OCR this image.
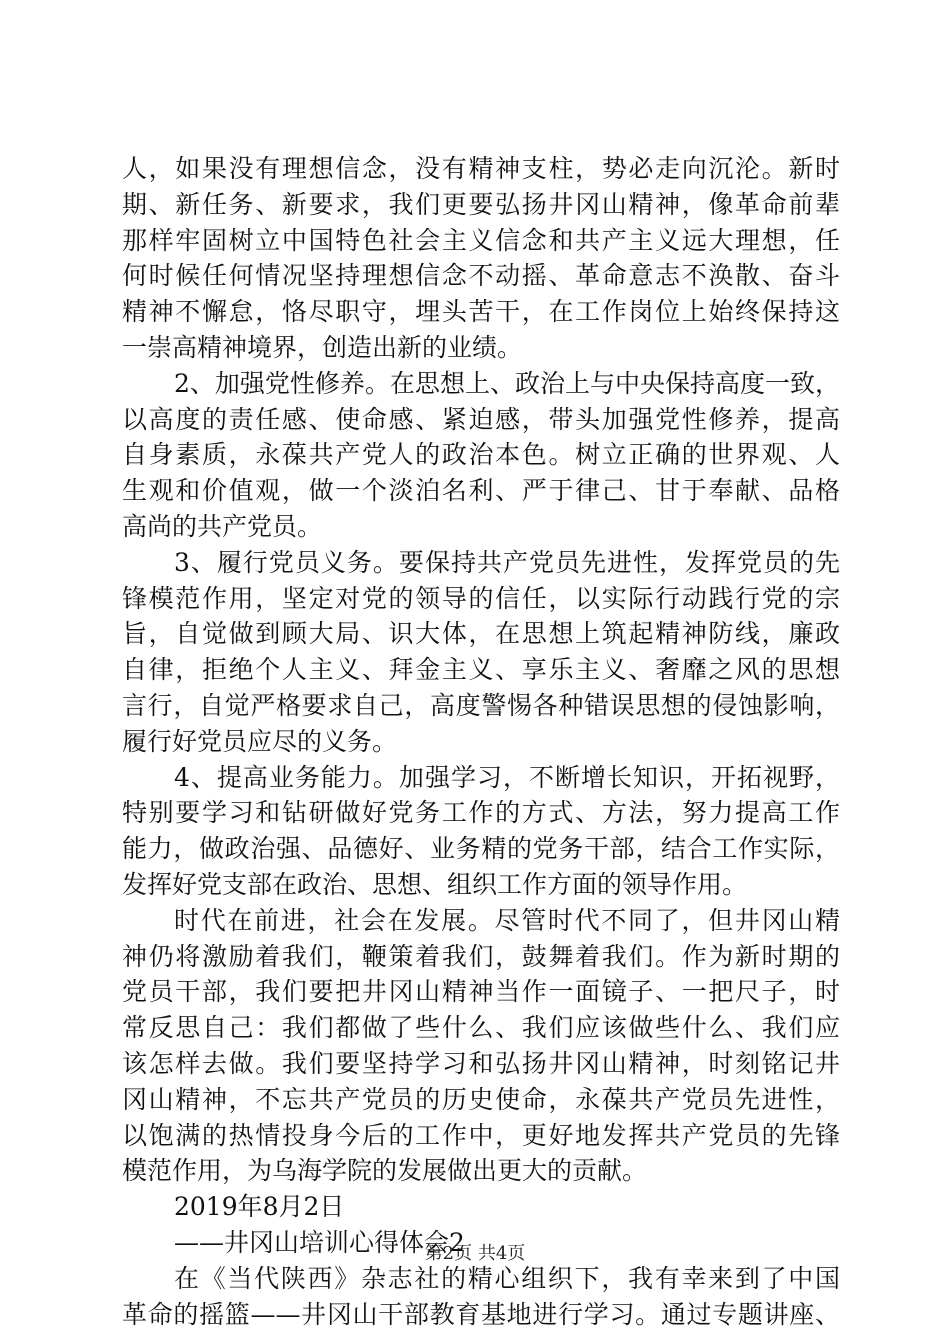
人，如果没有理想信念，没有精神支柱，势必走向沉沦。新时
期、新任务、新要求，我们更要弘扬井冈山精神，像革命前辈
那样牢固树立中国特色社会主义信念和共产主义远大理想，任
何时候任何情况坚持理想信念不动摇、革命意志不涣散、奋斗
精神不懈怠，恪尽职守，埋头苦干，在工作岗位上始终保持这
一崇高精神境界，创造出新的业绩。
2、加强党性修养。在思想上、政治上与中央保持高度一致，
以高度的责任感、使命感、紧迫感，带头加强党性修养，提高
自身素质，永葆共产党人的政治本色。树立正确的世界观、人
生观和价值观，做一个淡泊名利、严于律己、甘于奉献、品格
高尚的共产党员。
3、履行党员义务。要保持共产党员先进性，发挥党员的先
锋模范作用，坚定对党的领导的信任，以实际行动践行党的宗
旨，自觉做到顾大局、识大体，在思想上筑起精神防线，廉政
自律，拒绝个人主义、拜金主义、享乐主义、奢靡之风的思想
言行，自觉严格要求自己，高度警惕各种错误思想的侵蚀影响，
履行好党员应尽的义务。
4、提高业务能力。加强学习，不断增长知识，开拓视野，
特别要学习和钻研做好党务工作的方式、方法，努力提高工作
能力，做政治强、品德好、业务精的党务干部，结合工作实际，
发挥好党支部在政治、思想、组织工作方面的领导作用。
时代在前进，社会在发展。尽管时代不同了，但井冈山精
神仍将激励着我们，鞭策着我们，鼓舞着我们。作为新时期的
党员干部，我们要把井冈山精神当作一面镜子、一把尺子，时
常反思自己：我们都做了些什么、我们应该做些什么、我们应
该怎样去做。我们要坚持学习和弘扬井冈山精神，时刻铭记井
冈山精神，不忘共产党员的历史使命，永葆共产党员先进性，
以饱满的热情投身今后的工作中，更好地发挥共产党员的先锋
模范作用，为乌海学院的发展做出更大的贡献。
2019年8月2日
——井冈山培训心得体会2
在《当代陕西》杂志社的精心组织下，我有幸来到了中国
革命的摇篮——井冈山干部教育基地进行学习。通过专题讲座、
第2页 共4页
